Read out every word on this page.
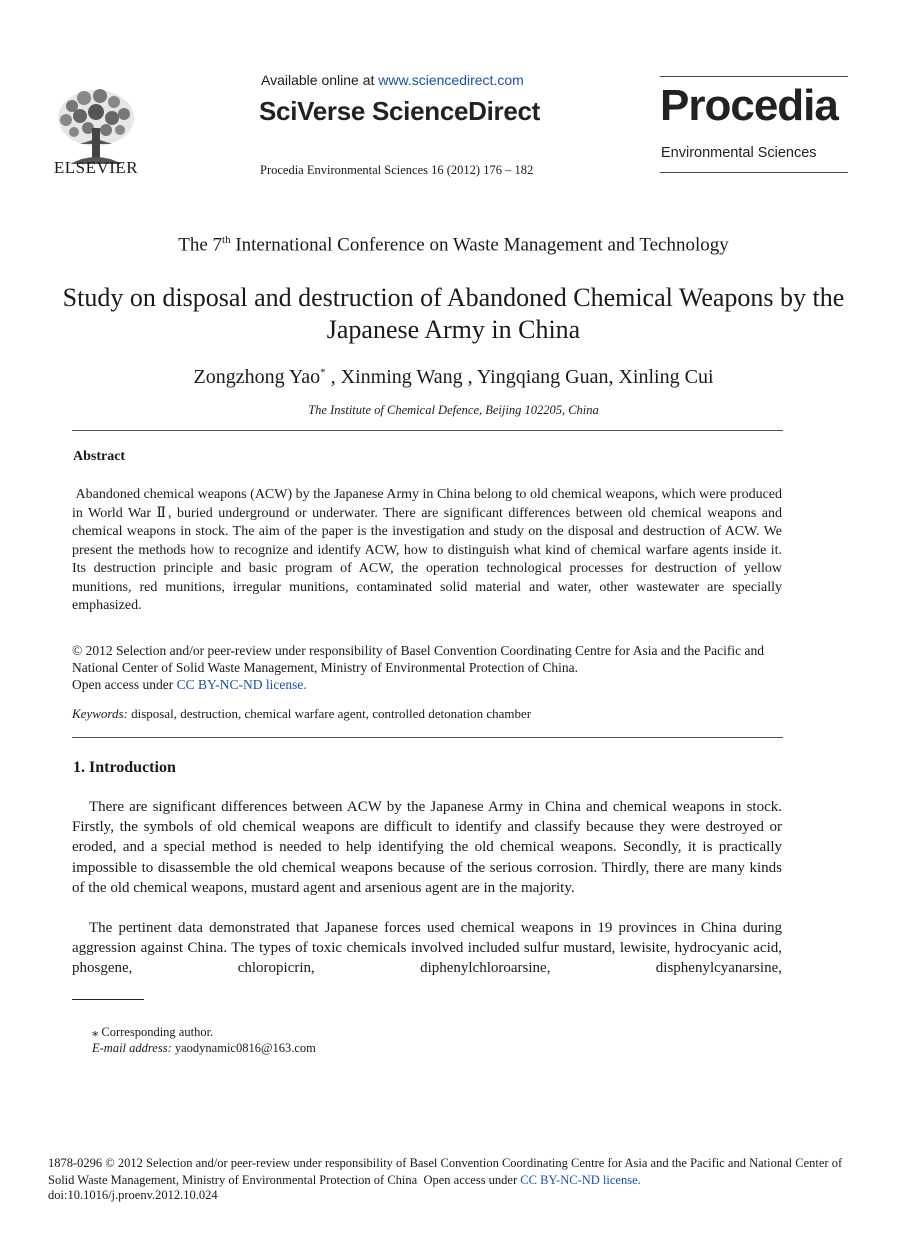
ELSEVIER
Available online at www.sciencedirect.com
SciVerse ScienceDirect
Procedia Environmental Sciences 16 (2012) 176 – 182
Procedia
Environmental Sciences
The 7th International Conference on Waste Management and Technology
Study on disposal and destruction of Abandoned Chemical Weapons by the Japanese Army in China
Zongzhong Yao* , Xinming Wang , Yingqiang Guan, Xinling Cui
The Institute of Chemical Defence, Beijing 102205, China
Abstract
Abandoned chemical weapons (ACW) by the Japanese Army in China belong to old chemical weapons, which were produced in World War Ⅱ, buried underground or underwater. There are significant differences between old chemical weapons and chemical weapons in stock. The aim of the paper is the investigation and study on the disposal and destruction of ACW. We present the methods how to recognize and identify ACW, how to distinguish what kind of chemical warfare agents inside it. Its destruction principle and basic program of ACW, the operation technological processes for destruction of yellow munitions, red munitions, irregular munitions, contaminated solid material and water, other wastewater are specially emphasized.
© 2012 Selection and/or peer-review under responsibility of Basel Convention Coordinating Centre for Asia and the Pacific and National Center of Solid Waste Management, Ministry of Environmental Protection of China.
Open access under CC BY-NC-ND license.
Keywords: disposal, destruction, chemical warfare agent, controlled detonation chamber
1. Introduction
There are significant differences between ACW by the Japanese Army in China and chemical weapons in stock. Firstly, the symbols of old chemical weapons are difficult to identify and classify because they were destroyed or eroded, and a special method is needed to help identifying the old chemical weapons. Secondly, it is practically impossible to disassemble the old chemical weapons because of the serious corrosion. Thirdly, there are many kinds of the old chemical weapons, mustard agent and arsenious agent are in the majority.
The pertinent data demonstrated that Japanese forces used chemical weapons in 19 provinces in China during aggression against China. The types of toxic chemicals involved included sulfur mustard, lewisite, hydrocyanic acid, phosgene, chloropicrin, diphenylchloroarsine, disphenylcyanarsine,
⁎ Corresponding author.
E-mail address: yaodynamic0816@163.com
1878-0296 © 2012 Selection and/or peer-review under responsibility of Basel Convention Coordinating Centre for Asia and the Pacific and National Center of Solid Waste Management, Ministry of Environmental Protection of China  Open access under CC BY-NC-ND license.
doi:10.1016/j.proenv.2012.10.024
